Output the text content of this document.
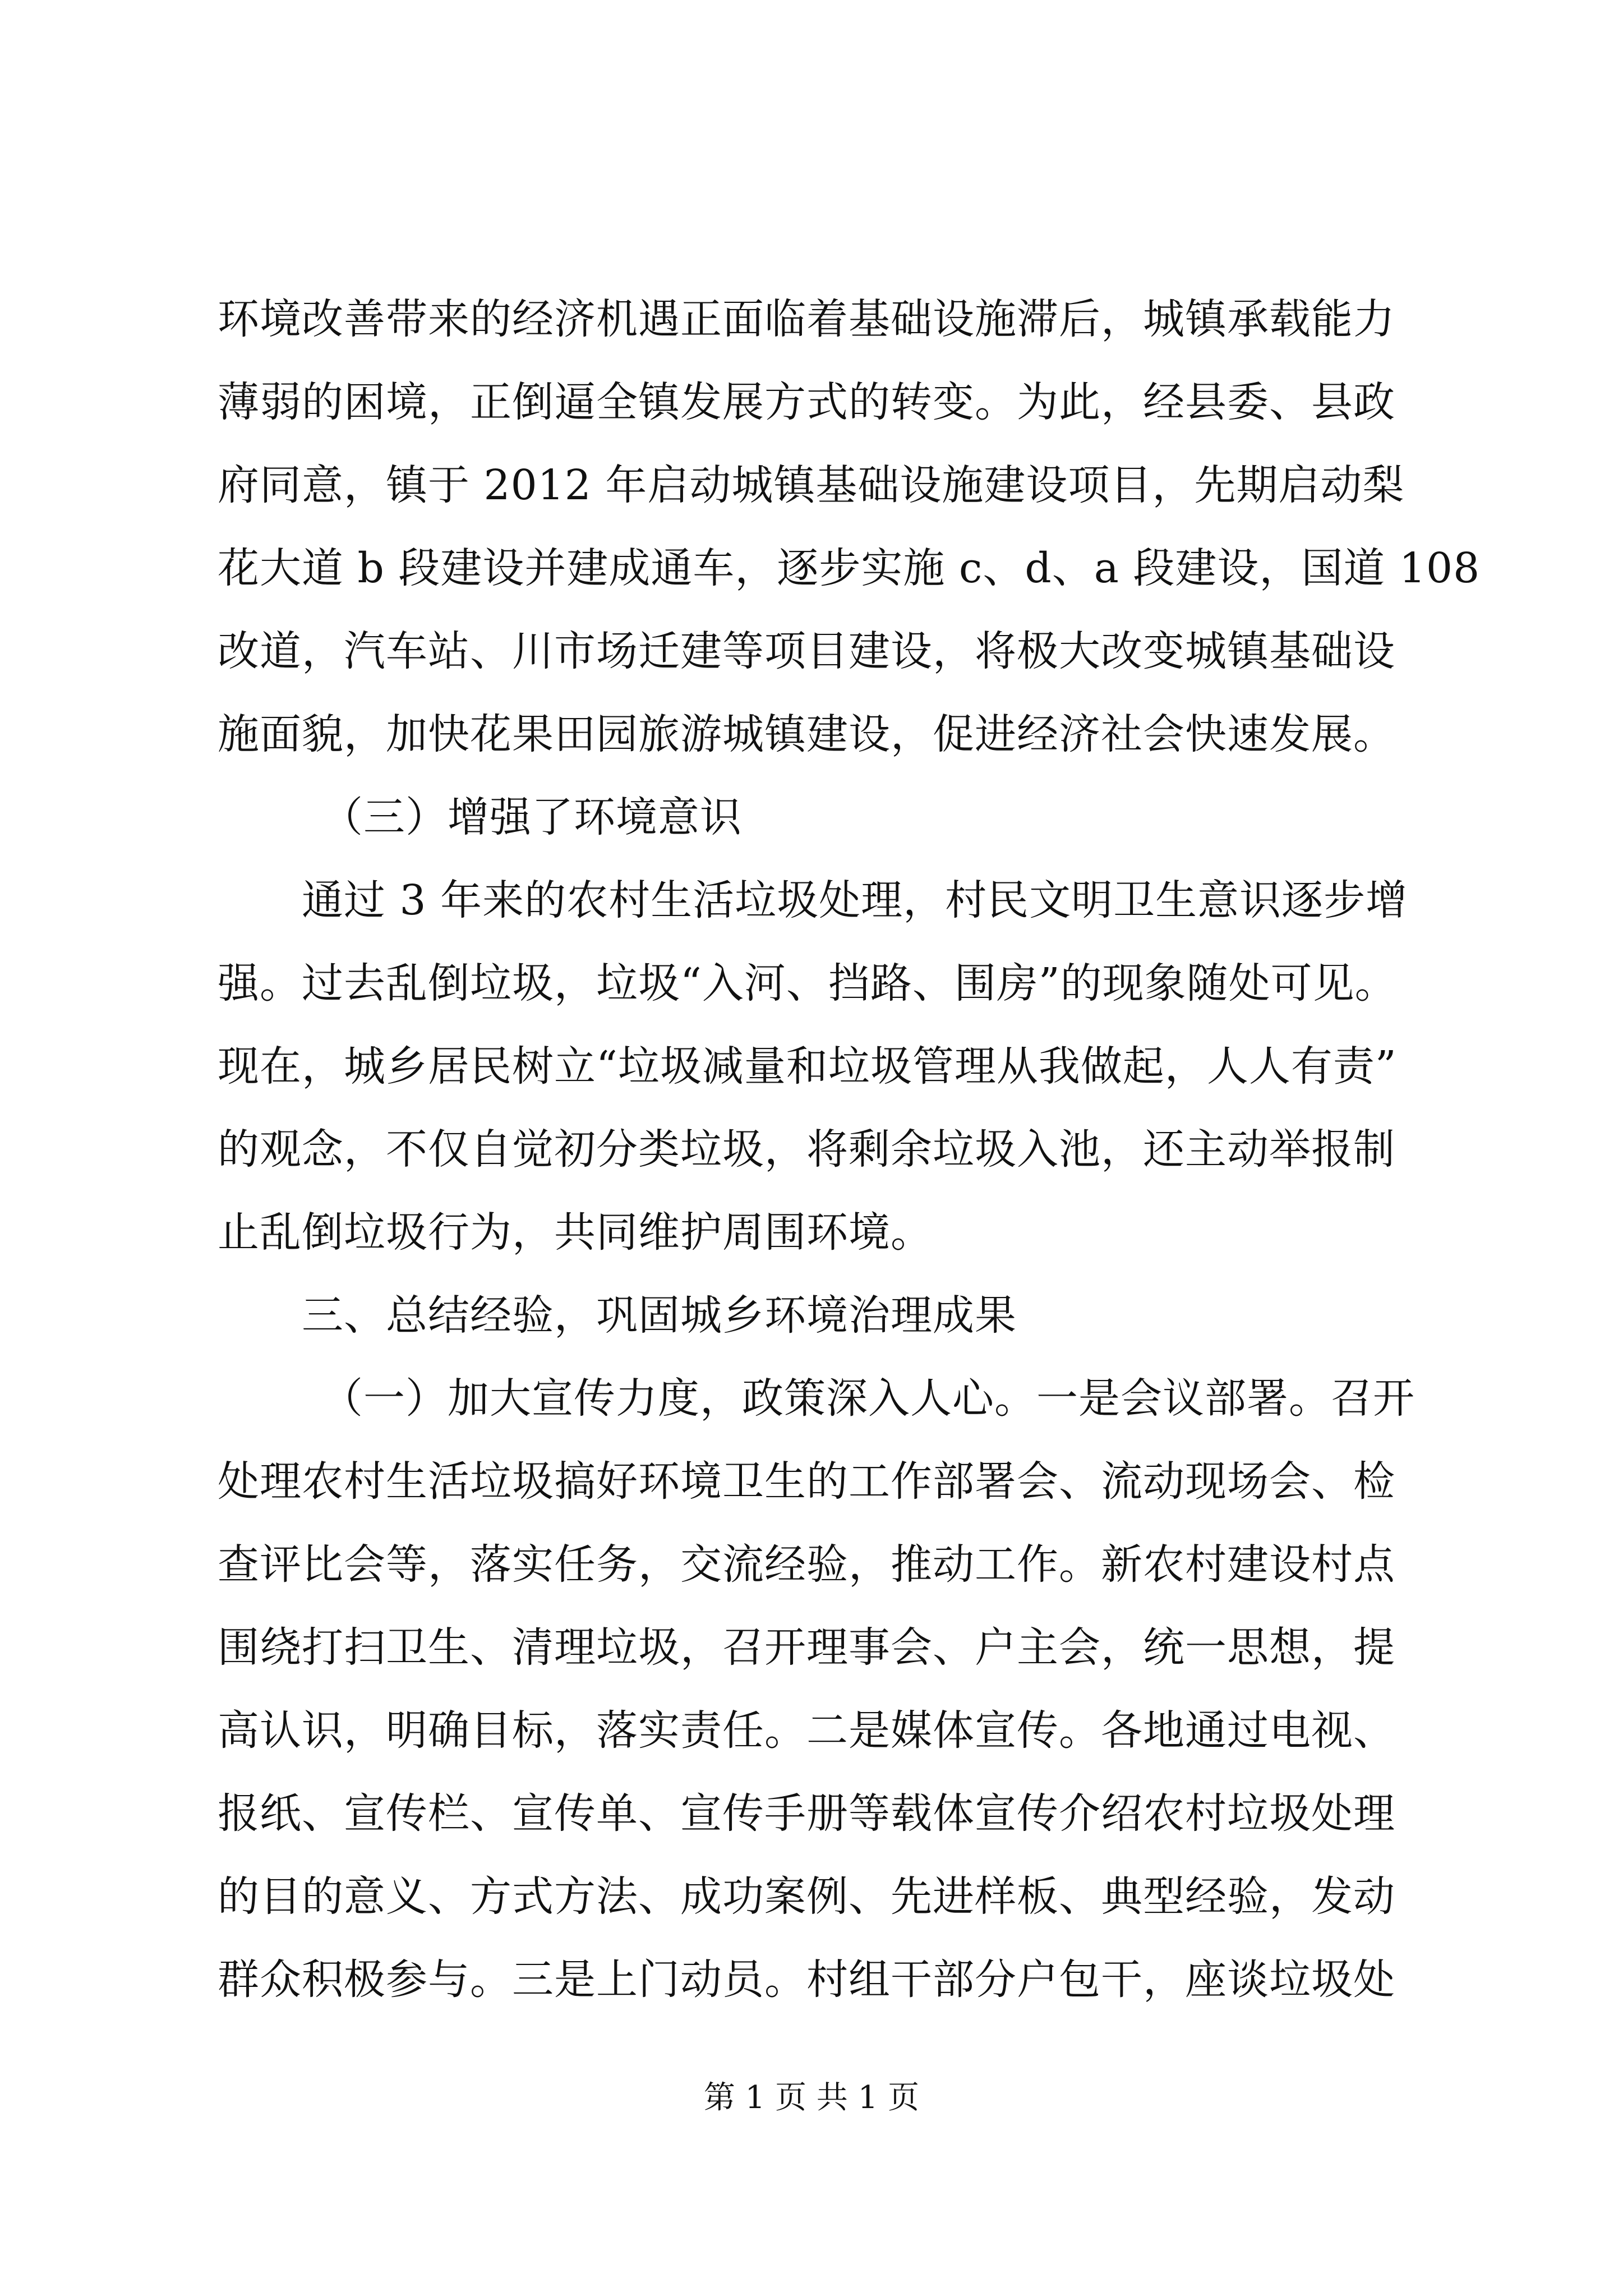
环境改善带来的经济机遇正面临着基础设施滞后，城镇承载能力
薄弱的困境，正倒逼全镇发展方式的转变。为此，经县委、县政
府同意，镇于 2012 年启动城镇基础设施建设项目，先期启动梨
花大道 b 段建设并建成通车，逐步实施 c、d、a 段建设，国道 108
改道，汽车站、川市场迁建等项目建设，将极大改变城镇基础设
施面貌，加快花果田园旅游城镇建设，促进经济社会快速发展。
（三）增强了环境意识
通过 3 年来的农村生活垃圾处理，村民文明卫生意识逐步增
强。过去乱倒垃圾，垃圾“入河、挡路、围房”的现象随处可见。
现在，城乡居民树立“垃圾减量和垃圾管理从我做起，人人有责”
的观念，不仅自觉初分类垃圾，将剩余垃圾入池，还主动举报制
止乱倒垃圾行为，共同维护周围环境。
三、总结经验，巩固城乡环境治理成果
（一）加大宣传力度，政策深入人心。一是会议部署。召开
处理农村生活垃圾搞好环境卫生的工作部署会、流动现场会、检
查评比会等，落实任务，交流经验，推动工作。新农村建设村点
围绕打扫卫生、清理垃圾，召开理事会、户主会，统一思想，提
高认识，明确目标，落实责任。二是媒体宣传。各地通过电视、
报纸、宣传栏、宣传单、宣传手册等载体宣传介绍农村垃圾处理
的目的意义、方式方法、成功案例、先进样板、典型经验，发动
群众积极参与。三是上门动员。村组干部分户包干，座谈垃圾处
第 1 页 共 1 页
